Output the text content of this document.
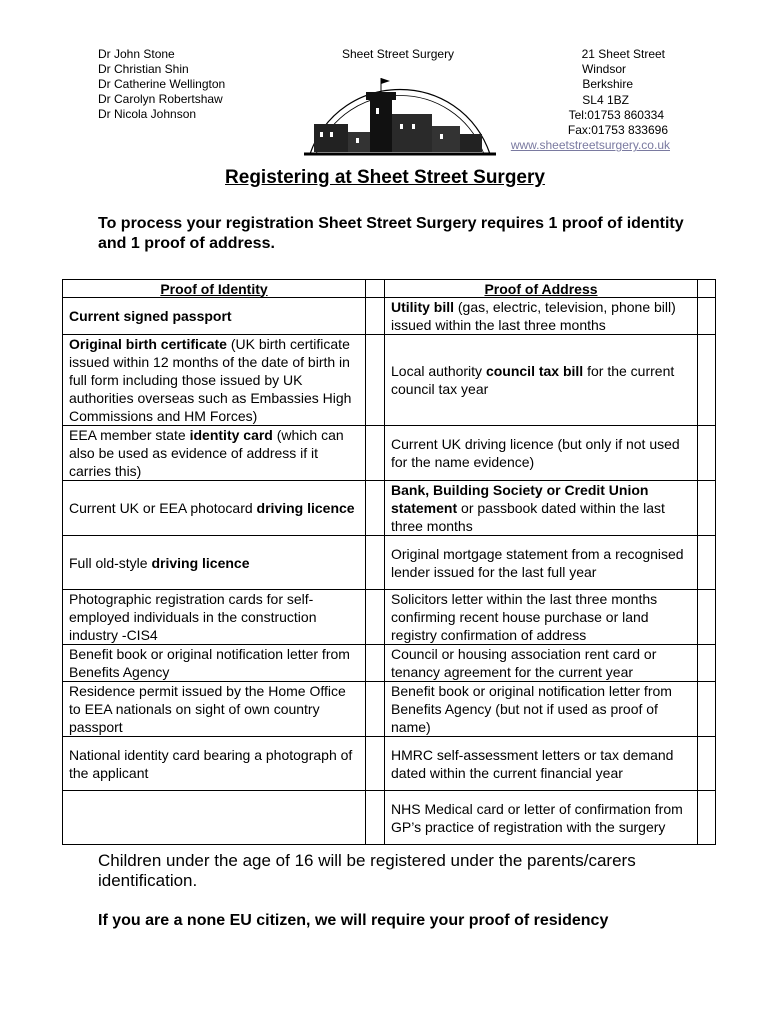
Dr John Stone
Dr Christian Shin
Dr Catherine Wellington
Dr Carolyn Robertshaw
Dr Nicola Johnson
Sheet Street Surgery	21 Sheet Street
Windsor
Berkshire
SL4 1BZ
Tel:01753 860334
Fax:01753 833696
www.sheetstreetsurgery.co.uk
Registering at Sheet Street Surgery
To process your registration Sheet Street Surgery requires 1 proof of identity and 1 proof of address.
Proof of Identity		Proof of Address	
Current signed passport		Utility bill (gas, electric, television, phone bill) issued within the last three months	
Original birth certificate (UK birth certificate issued within 12 months of the date of birth in full form including those issued by UK authorities overseas such as Embassies High Commissions and HM Forces)		Local authority council tax bill for the current council tax year	
EEA member state identity card (which can also be used as evidence of address if it carries this)		Current UK driving licence (but only if not used for the name evidence)	
Current UK or EEA photocard driving licence		Bank, Building Society or Credit Union statement or passbook dated within the last three months	
Full old-style driving licence		Original mortgage statement from a recognised lender issued for the last full year	
Photographic registration cards for self-employed individuals in the construction industry -CIS4		Solicitors letter within the last three months confirming recent house purchase or land registry confirmation of address	
Benefit book or original notification letter from Benefits Agency		Council or housing association rent card or tenancy agreement for the current year	
Residence permit issued by the Home Office to EEA nationals on sight of own country passport		Benefit book or original notification letter from Benefits Agency (but not if used as proof of name)	
National identity card bearing a photograph of the applicant		HMRC self-assessment letters or tax demand dated within the current financial year	
		NHS Medical card or letter of confirmation from GP’s practice of registration with the surgery	
Children under the age of 16 will be registered under the parents/carers identification.
If you are a none EU citizen, we will require your proof of residency
